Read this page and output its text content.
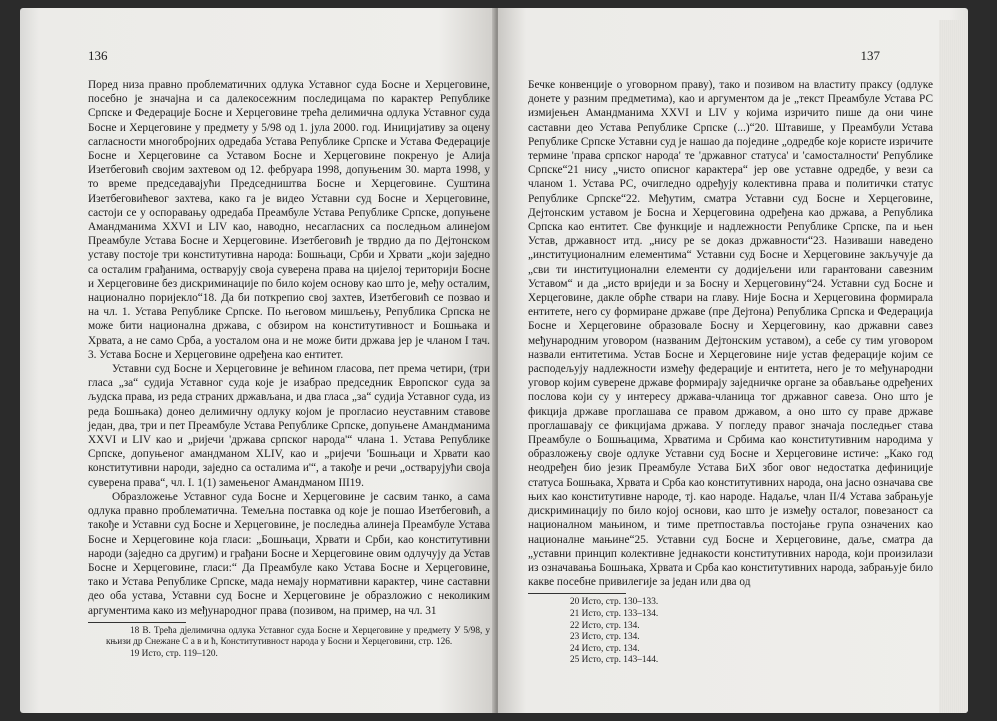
136

Поред низа правно проблематичних одлука Уставног суда Босне и Херцеговине, посебно је значајна и са далекосежним последицама по карактер Републике Српске и Федерације Босне и Херцеговине трећа делимична одлука Уставног суда Босне и Херцеговине у предмету у 5/98 од 1. јула 2000. год. Иницијативу за оцену сагласности многобројних одредаба Устава Републике Српске и Устава Федерације Босне и Херцеговине са Уставом Босне и Херцеговине покренуо је Алија Изетбеговић својим захтевом од 12. фебруара 1998, допуњеним 30. марта 1998, у то време председавајући Председништва Босне и Херцеговине. Суштина Изетбеговићевог захтева, како га је видео Уставни суд Босне и Херцеговине, састоји се у оспоравању одредаба Преамбуле Устава Републике Српске, допуњене Амандманима XXVI и LIV као, наводно, несагласних са последњом алинејом Преамбуле Устава Босне и Херцеговине. Изетбеговић је тврдио да по Дејтонском уставу постоје три конститутивна народа: Бошњаци, Срби и Хрвати „који заједно са осталим грађанима, остварују своја суверена права на цијелој територији Босне и Херцеговине без дискриминације по било којем основу као што је, међу осталим, национално поријекло“18. Да би поткрепио свој захтев, Изетбеговић се позвао и на чл. 1. Устава Републике Српске. По његовом мишљењу, Република Српска не може бити национална држава, с обзиром на конститутивност и Бошњака и Хрвата, а не само Срба, а уосталом она и не може бити држава јер је чланом I тач. 3. Устава Босне и Херцеговине одређена као ентитет.

Уставни суд Босне и Херцеговине је већином гласова, пет према четири, (три гласа „за“ судија Уставног суда које је изабрао председник Европског суда за људска права, из реда страних држављана, и два гласа „за“ судија Уставног суда, из реда Бошњака) донео делимичну одлуку којом је прогласио неуставним ставове један, два, три и пет Преамбуле Устава Републике Српске, допуњене Амандманима XXVI и LIV као и „ријечи 'држава српског народа'“ члана 1. Устава Републике Српске, допуњеног амандманом XLIV, као и „ријечи 'Бошњаци и Хрвати као конститутивни народи, заједно са осталима и'“, а такође и речи „остварујући своја суверена права“, чл. I. 1(1) замењеног Амандманом III19.

Образложење Уставног суда Босне и Херцеговине је сасвим танко, а сама одлука правно проблематична. Темељна поставка од које је пошао Изетбеговић, а такође и Уставни суд Босне и Херцеговине, је последња алинеја Преамбуле Устава Босне и Херцеговине која гласи: „Бошњаци, Хрвати и Срби, као конститутивни народи (заједно са другим) и грађани Босне и Херцеговине овим одлучују да Устав Босне и Херцеговине, гласи:“ Да Преамбуле како Устава Босне и Херцеговине, тако и Устава Републике Српске, мада немају нормативни карактер, чине саставни део оба устава, Уставни суд Босне и Херцеговине је образложио с неколиким аргументима како из међународног права (позивом, на пример, на чл. 31

18 В. Трећа дјелимична одлука Уставног суда Босне и Херцеговине у предмету У 5/98, у књизи др Снежане С а в и ћ, Конститутивност народа у Босни и Херцеговини, стр. 126.

19 Исто, стр. 119–120.

137

Бечке конвенције о уговорном праву), тако и позивом на властиту праксу (одлуке донете у разним предметима), као и аргументом да је „текст Преамбуле Устава РС измијењен Амандманима XXVI и LIV у којима изричито пише да они чине саставни део Устава Републике Српске (...)“20. Штавише, у Преамбули Устава Републике Српске Уставни суд је нашао да појединe „одредбе које користе изричите термине 'права српског народа' те 'државног статуса' и 'самосталности' Републике Српске“21 нису „чисто описног карактера“ јер ове уставне одредбе, у вези са чланом 1. Устава РС, очигледно одређују колективна права и политички статус Републике Српске“22. Међутим, сматра Уставни суд Босне и Херцеговине, Дејтонским уставом је Босна и Херцеговина одређена као држава, а Република Српска као ентитет. Све функције и надлежности Републике Српске, па и њен Устав, државност итд. „нису ре se доказ државности“23. Називаши наведено „институционалним елементима“ Уставни суд Босне и Херцеговине закључује да „сви ти институционални елементи су додијељени или гарантовани савезним Уставом“ и да „исто вриједи и за Босну и Херцеговину“24. Уставни суд Босне и Херцеговине, дакле обрће ствари на главу. Није Босна и Херцеговина формирала ентитете, него су формиране државе (пре Дејтона) Република Српска и Федерација Босне и Херцеговине образовале Босну и Херцеговину, као државни савез међународним уговором (названим Дејтонским уставом), а себе су тим уговором назвали ентитетима. Устав Босне и Херцеговине није устав федерације којим се расподељују надлежности између федерације и ентитета, него је то међународни уговор којим суверене државе формирају заједничке органе за обављање одређених послова који су у интересу држава-чланица тог државног савеза. Оно што је фикција државе проглашава се правом државом, а оно што су праве државе проглашавају се фикцијама држава. У погледу правог значаја последњег става Преамбуле о Бошњацима, Хрватима и Србима као конститутивним народима у образложењу своје одлуке Уставни суд Босне и Херцеговине истиче: „Како год неодређен био језик Преамбуле Устава БиХ због овог недостатка дефиниције статуса Бошњака, Хрвата и Срба као конститутивних народа, она јасно означава све њих као конститутивне народе, тј. као народе. Надаље, члан II/4 Устава забрањује дискриминацију по било којој основи, као што је између осталог, повезаност са националном мањином, и тиме претпоставља постојање група означених као националне мањине“25. Уставни суд Босне и Херцеговине, даље, сматра да „уставни принцип колективне једнакости конститутивних народа, који произилази из означавања Бошњака, Хрвата и Срба као конститутивних народа, забрањује било какве посебне привилегије за један или два од

20 Исто, стр. 130–133.

21 Исто, стр. 133–134.

22 Исто, стр. 134.

23 Исто, стр. 134.

24 Исто, стр. 134.

25 Исто, стр. 143–144.
